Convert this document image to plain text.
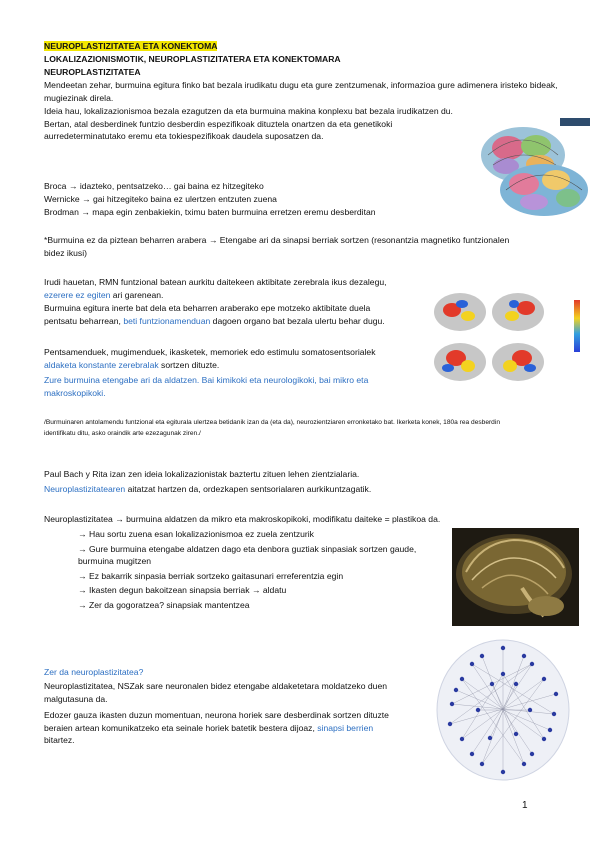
NEUROPLASTIZITATEA ETA KONEKTOMA
LOKALIZAZIONISMOTIK, NEUROPLASTIZITATERA ETA KONEKTOMARA
NEUROPLASTIZITATEA
Mendeetan zehar, burmuina egitura finko bat bezala irudikatu dugu eta gure zentzumenak, informazioa gure adimenera iristeko bideak, mugiezinak direla.
Ideia hau, lokalizazionismoa bezala ezagutzen da eta burmuina makina konplexu bat bezala irudikatzen du. Bertan, atal desberdinek funtzio desberdin espezifikoak dituztela onartzen da eta genetikoki aurredeterminatutako eremu eta tokiespezifikoak daudela suposatzen da.
Broca → idazteko, pentsatzeko… gai baina ez hitzegiteko
Wernicke → gai hitzegiteko baina ez ulertzen entzuten zuena
Brodman → mapa egin zenbakiekin, tximu baten burmuina erretzen eremu desberditan
*Burmuina ez da piztean beharren arabera → Etengabe ari da sinapsi berriak sortzen (resonantzia magnetiko funtzionalen bidez ikusi)
Irudi hauetan, RMN funtzional batean aurkitu daitekeen aktibitate zerebrala ikus dezalegu, ezerere ez egiten ari garenean.
Burmuina egitura inerte bat dela eta beharren araberako epe motzeko aktibitate duela pentsatu beharrean, beti funtzionamenduan dagoen organo bat bezala ulertu behar dugu.
Pentsamenduek, mugimenduek, ikasketek, memoriek edo estimulu somatosentsorialek aldaketa konstante zerebralak sortzen dituzte.
Zure burmuina etengabe ari da aldatzen. Bai kimikoki eta neurologikoki, bai mikro eta makroskopikoki.
/Burmuinaren antolamendu funtzional eta egiturala ulertzea betidanik izan da (eta da), neurozientziaren erronketako bat. Ikerketa konek, 180a rea desberdin identifikatu ditu, asko oraindik arte ezezagunak ziren./
Paul Bach y Rita izan zen ideia lokalizazionistak baztertu zituen lehen zientzialaria.
Neuroplastizitatearen aitatzat hartzen da, ordezkapen sentsorialaren aurkikuntzagatik.
Neuroplastizitatea → burmuina aldatzen da mikro eta makroskopikoki, modifikatu daiteke = plastikoa da.
→ Hau sortu zuena esan lokalizazionismoa ez zuela zentzurik
→ Gure burmuina etengabe aldatzen dago eta denbora guztiak sinpasiak sortzen gaude, burmuina mugitzen
→ Ez bakarrik sinpasia berriak sortzeko gaitasunari erreferentzia egin
→ Ikasten degun bakoitzean sinapsia berriak → aldatu
→ Zer da gogoratzea? sinapsiak mantentzea
Zer da neuroplastizitatea?
Neuroplastizitatea, NSZak sare neuronalen bidez etengabe aldaketetara moldatzeko duen malgutasuna da.
Edozer gauza ikasten duzun momentuan, neurona horiek sare desberdinak sortzen dituzte beraien artean komunikatzeko eta seinale horiek batetik bestera dijoaz, sinapsi berrien bitartez.
1
